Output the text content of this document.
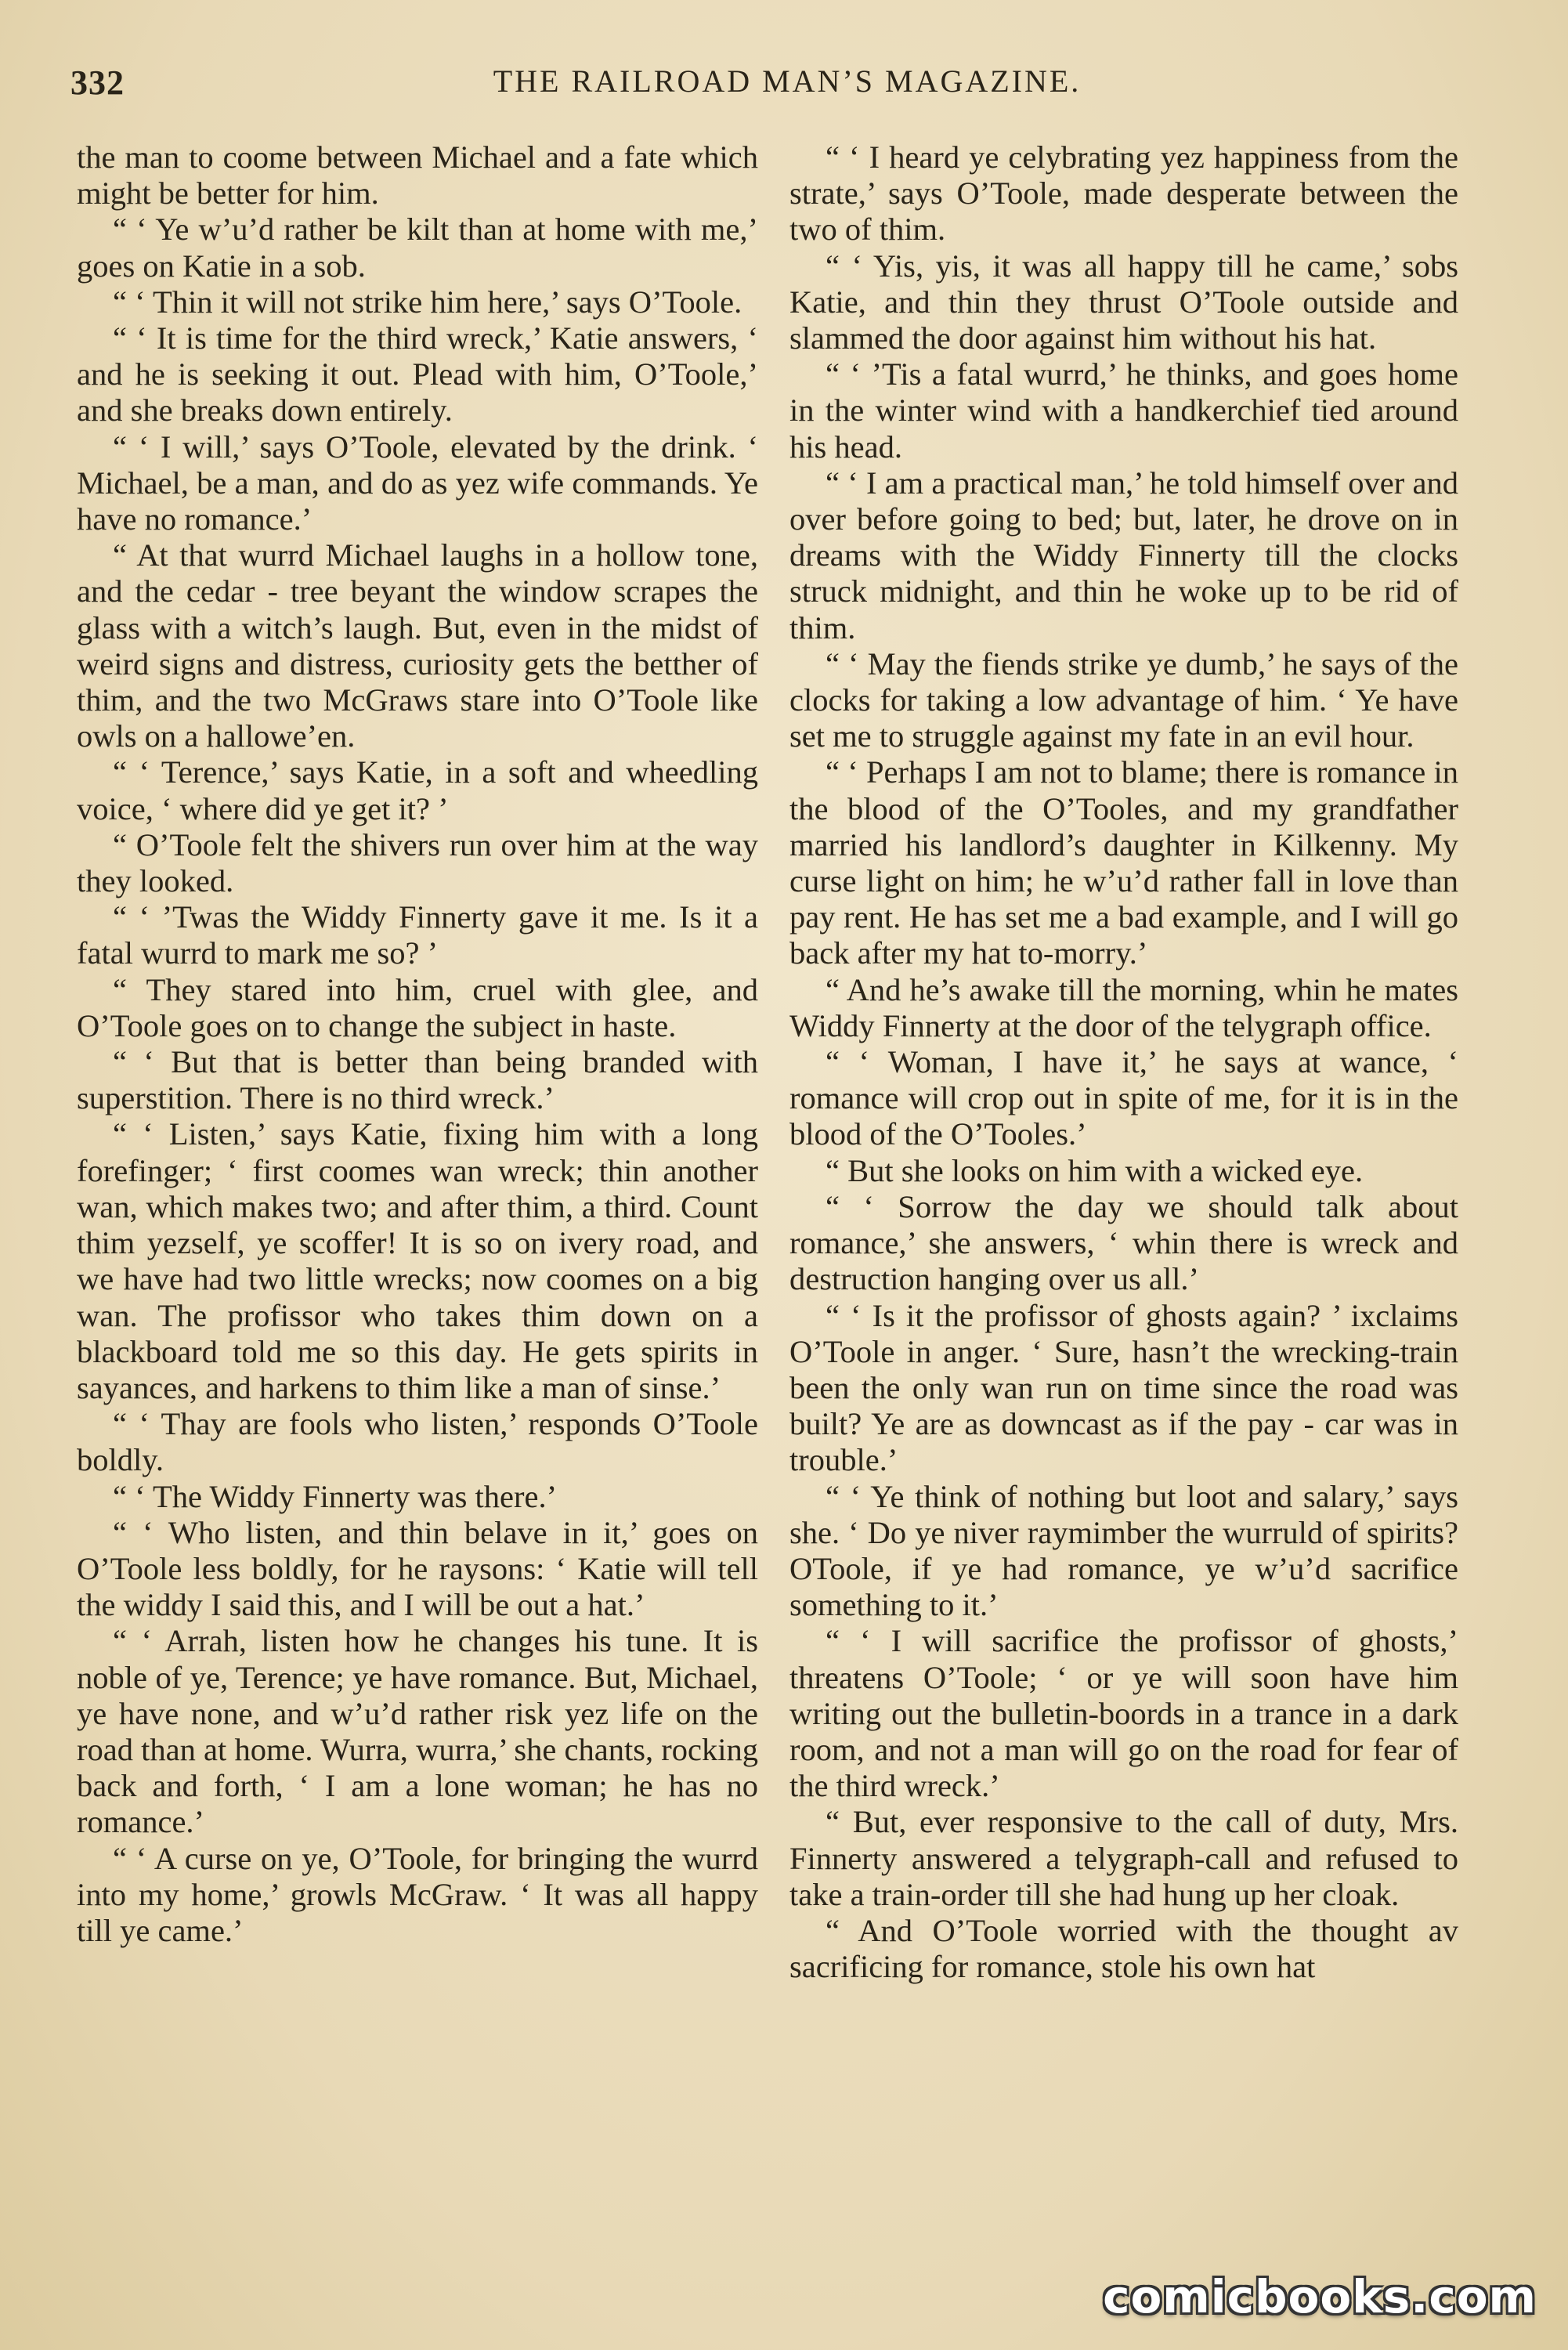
332	THE RAILROAD MAN’S MAGAZINE.

the man to coome between Michael and a fate which might be better for him.

“ ‘ Ye w’u’d rather be kilt than at home with me,’ goes on Katie in a sob.

“ ‘ Thin it will not strike him here,’ says O’Toole.

“ ‘ It is time for the third wreck,’ Katie answers, ‘ and he is seeking it out. Plead with him, O’Toole,’ and she breaks down entirely.

“ ‘ I will,’ says O’Toole, elevated by the drink. ‘ Michael, be a man, and do as yez wife commands. Ye have no romance.’

“ At that wurrd Michael laughs in a hollow tone, and the cedar - tree beyant the window scrapes the glass with a witch’s laugh. But, even in the midst of weird signs and distress, curiosity gets the betther of thim, and the two McGraws stare into O’Toole like owls on a hallowe’en.

“ ‘ Terence,’ says Katie, in a soft and wheedling voice, ‘ where did ye get it? ’

“ O’Toole felt the shivers run over him at the way they looked.

“ ‘ ’Twas the Widdy Finnerty gave it me. Is it a fatal wurrd to mark me so? ’

“ They stared into him, cruel with glee, and O’Toole goes on to change the subject in haste.

“ ‘ But that is better than being branded with superstition. There is no third wreck.’

“ ‘ Listen,’ says Katie, fixing him with a long forefinger; ‘ first coomes wan wreck; thin another wan, which makes two; and after thim, a third. Count thim yezself, ye scoffer! It is so on ivery road, and we have had two little wrecks; now coomes on a big wan. The profissor who takes thim down on a blackboard told me so this day. He gets spirits in sayances, and harkens to thim like a man of sinse.’

“ ‘ Thay are fools who listen,’ responds O’Toole boldly.

“ ‘ The Widdy Finnerty was there.’

“ ‘ Who listen, and thin belave in it,’ goes on O’Toole less boldly, for he raysons: ‘ Katie will tell the widdy I said this, and I will be out a hat.’

“ ‘ Arrah, listen how he changes his tune. It is noble of ye, Terence; ye have romance. But, Michael, ye have none, and w’u’d rather risk yez life on the road than at home. Wurra, wurra,’ she chants, rocking back and forth, ‘ I am a lone woman; he has no romance.’

“ ‘ A curse on ye, O’Toole, for bringing the wurrd into my home,’ growls McGraw. ‘ It was all happy till ye came.’

“ ‘ I heard ye celybrating yez happiness from the strate,’ says O’Toole, made desperate between the two of thim.

“ ‘ Yis, yis, it was all happy till he came,’ sobs Katie, and thin they thrust O’Toole outside and slammed the door against him without his hat.

“ ‘ ’Tis a fatal wurrd,’ he thinks, and goes home in the winter wind with a handkerchief tied around his head.

“ ‘ I am a practical man,’ he told himself over and over before going to bed; but, later, he drove on in dreams with the Widdy Finnerty till the clocks struck midnight, and thin he woke up to be rid of thim.

“ ‘ May the fiends strike ye dumb,’ he says of the clocks for taking a low advantage of him. ‘ Ye have set me to struggle against my fate in an evil hour.

“ ‘ Perhaps I am not to blame; there is romance in the blood of the O’Tooles, and my grandfather married his landlord’s daughter in Kilkenny. My curse light on him; he w’u’d rather fall in love than pay rent. He has set me a bad example, and I will go back after my hat to-morry.’

“ And he’s awake till the morning, whin he mates Widdy Finnerty at the door of the telygraph office.

“ ‘ Woman, I have it,’ he says at wance, ‘ romance will crop out in spite of me, for it is in the blood of the O’Tooles.’

“ But she looks on him with a wicked eye.

“ ‘ Sorrow the day we should talk about romance,’ she answers, ‘ whin there is wreck and destruction hanging over us all.’

“ ‘ Is it the profissor of ghosts again? ’ ixclaims O’Toole in anger. ‘ Sure, hasn’t the wrecking-train been the only wan run on time since the road was built? Ye are as downcast as if the pay - car was in trouble.’

“ ‘ Ye think of nothing but loot and salary,’ says she. ‘ Do ye niver raymimber the wurruld of spirits? OToole, if ye had romance, ye w’u’d sacrifice something to it.’

“ ‘ I will sacrifice the profissor of ghosts,’ threatens O’Toole; ‘ or ye will soon have him writing out the bulletin-boords in a trance in a dark room, and not a man will go on the road for fear of the third wreck.’

“ But, ever responsive to the call of duty, Mrs. Finnerty answered a telygraph-call and refused to take a train-order till she had hung up her cloak.

“ And O’Toole worried with the thought av sacrificing for romance, stole his own hat

comicbooks.com
